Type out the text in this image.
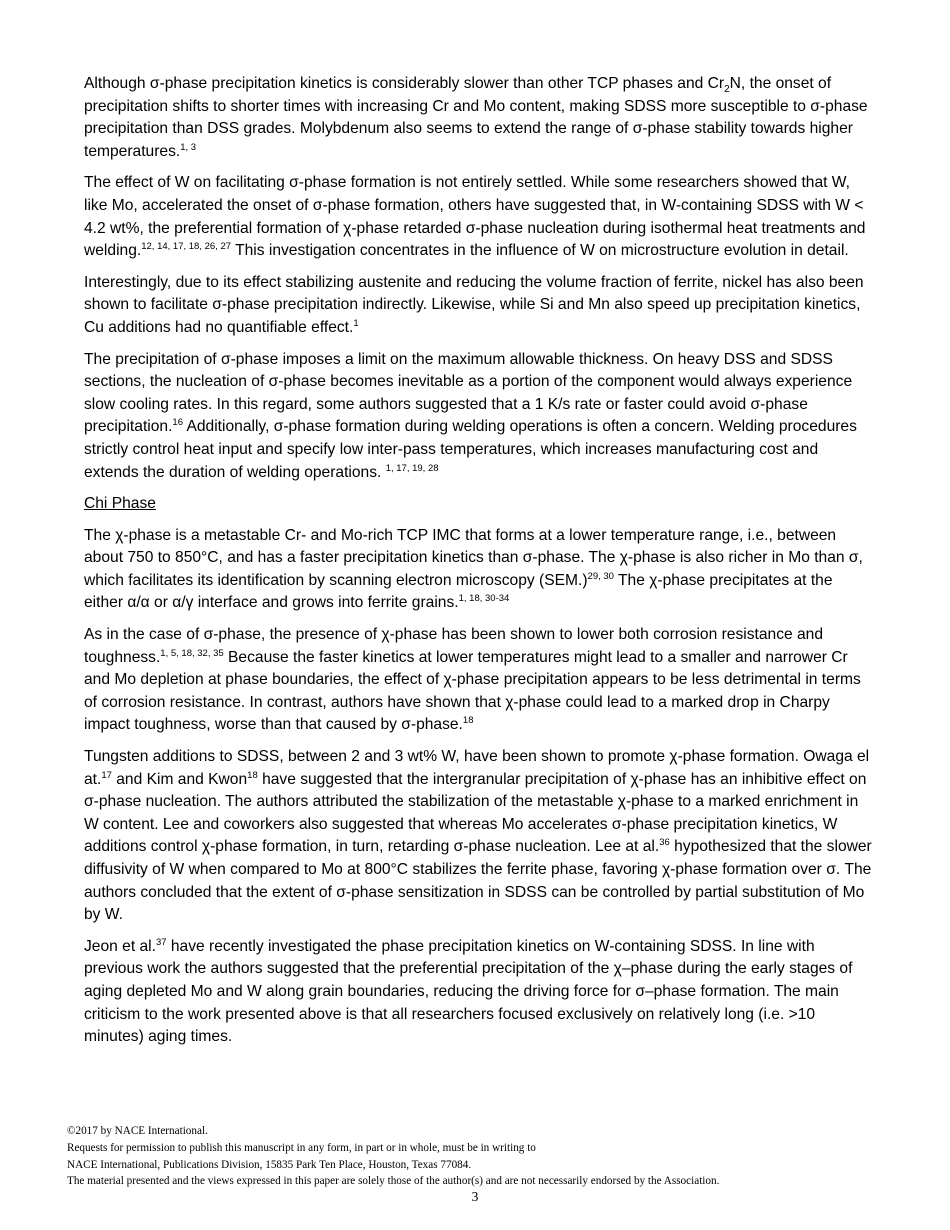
Although σ-phase precipitation kinetics is considerably slower than other TCP phases and $Cr_2N$, the onset of precipitation shifts to shorter times with increasing Cr and Mo content, making SDSS more susceptible to σ-phase precipitation than DSS grades. Molybdenum also seems to extend the range of σ-phase stability towards higher temperatures.$^{1, 3}$

The effect of W on facilitating σ-phase formation is not entirely settled. While some researchers showed that W, like Mo, accelerated the onset of σ-phase formation, others have suggested that, in W-containing SDSS with W < 4.2 wt%, the preferential formation of χ-phase retarded σ-phase nucleation during isothermal heat treatments and welding.$^{12, 14, 17, 18, 26, 27}$ This investigation concentrates in the influence of W on microstructure evolution in detail.

Interestingly, due to its effect stabilizing austenite and reducing the volume fraction of ferrite, nickel has also been shown to facilitate σ-phase precipitation indirectly. Likewise, while Si and Mn also speed up precipitation kinetics, Cu additions had no quantifiable effect.$^1$

The precipitation of σ-phase imposes a limit on the maximum allowable thickness. On heavy DSS and SDSS sections, the nucleation of σ-phase becomes inevitable as a portion of the component would always experience slow cooling rates. In this regard, some authors suggested that a 1 K/s rate or faster could avoid σ-phase precipitation.$^{16}$ Additionally, σ-phase formation during welding operations is often a concern. Welding procedures strictly control heat input and specify low inter-pass temperatures, which increases manufacturing cost and extends the duration of welding operations. $^{1, 17, 19, 28}$

Chi Phase

The χ-phase is a metastable Cr- and Mo-rich TCP IMC that forms at a lower temperature range, i.e., between about 750 to 850°C, and has a faster precipitation kinetics than σ-phase. The χ-phase is also richer in Mo than σ, which facilitates its identification by scanning electron microscopy $(SEM.)^{29, 30}$ The χ-phase precipitates at the either α/α or α/γ interface and grows into ferrite grains.$^{1, 18, 30-34}$

As in the case of σ-phase, the presence of χ-phase has been shown to lower both corrosion resistance and toughness.$^{1, 5, 18, 32, 35}$ Because the faster kinetics at lower temperatures might lead to a smaller and narrower Cr and Mo depletion at phase boundaries, the effect of χ-phase precipitation appears to be less detrimental in terms of corrosion resistance. In contrast, authors have shown that χ-phase could lead to a marked drop in Charpy impact toughness, worse than that caused by σ-phase.$^{18}$

Tungsten additions to SDSS, between 2 and 3 wt% W, have been shown to promote χ-phase formation. Owaga el at.$^{17}$ and Kim and Kwon$^{18}$ have suggested that the intergranular precipitation of χ-phase has an inhibitive effect on σ-phase nucleation. The authors attributed the stabilization of the metastable χ-phase to a marked enrichment in W content. Lee and coworkers also suggested that whereas Mo accelerates σ-phase precipitation kinetics, W additions control χ-phase formation, in turn, retarding σ-phase nucleation. Lee at al.$^{36}$ hypothesized that the slower diffusivity of W when compared to Mo at 800°C stabilizes the ferrite phase, favoring χ-phase formation over σ. The authors concluded that the extent of σ-phase sensitization in SDSS can be controlled by partial substitution of Mo by W.

Jeon et al.$^{37}$ have recently investigated the phase precipitation kinetics on W-containing SDSS. In line with previous work the authors suggested that the preferential precipitation of the χ–phase during the early stages of aging depleted Mo and W along grain boundaries, reducing the driving force for σ–phase formation. The main criticism to the work presented above is that all researchers focused exclusively on relatively long (i.e. >10 minutes) aging times.

©2017 by NACE International.
Requests for permission to publish this manuscript in any form, in part or in whole, must be in writing to
NACE International, Publications Division, 15835 Park Ten Place, Houston, Texas 77084.
The material presented and the views expressed in this paper are solely those of the author(s) and are not necessarily endorsed by the Association.
3
